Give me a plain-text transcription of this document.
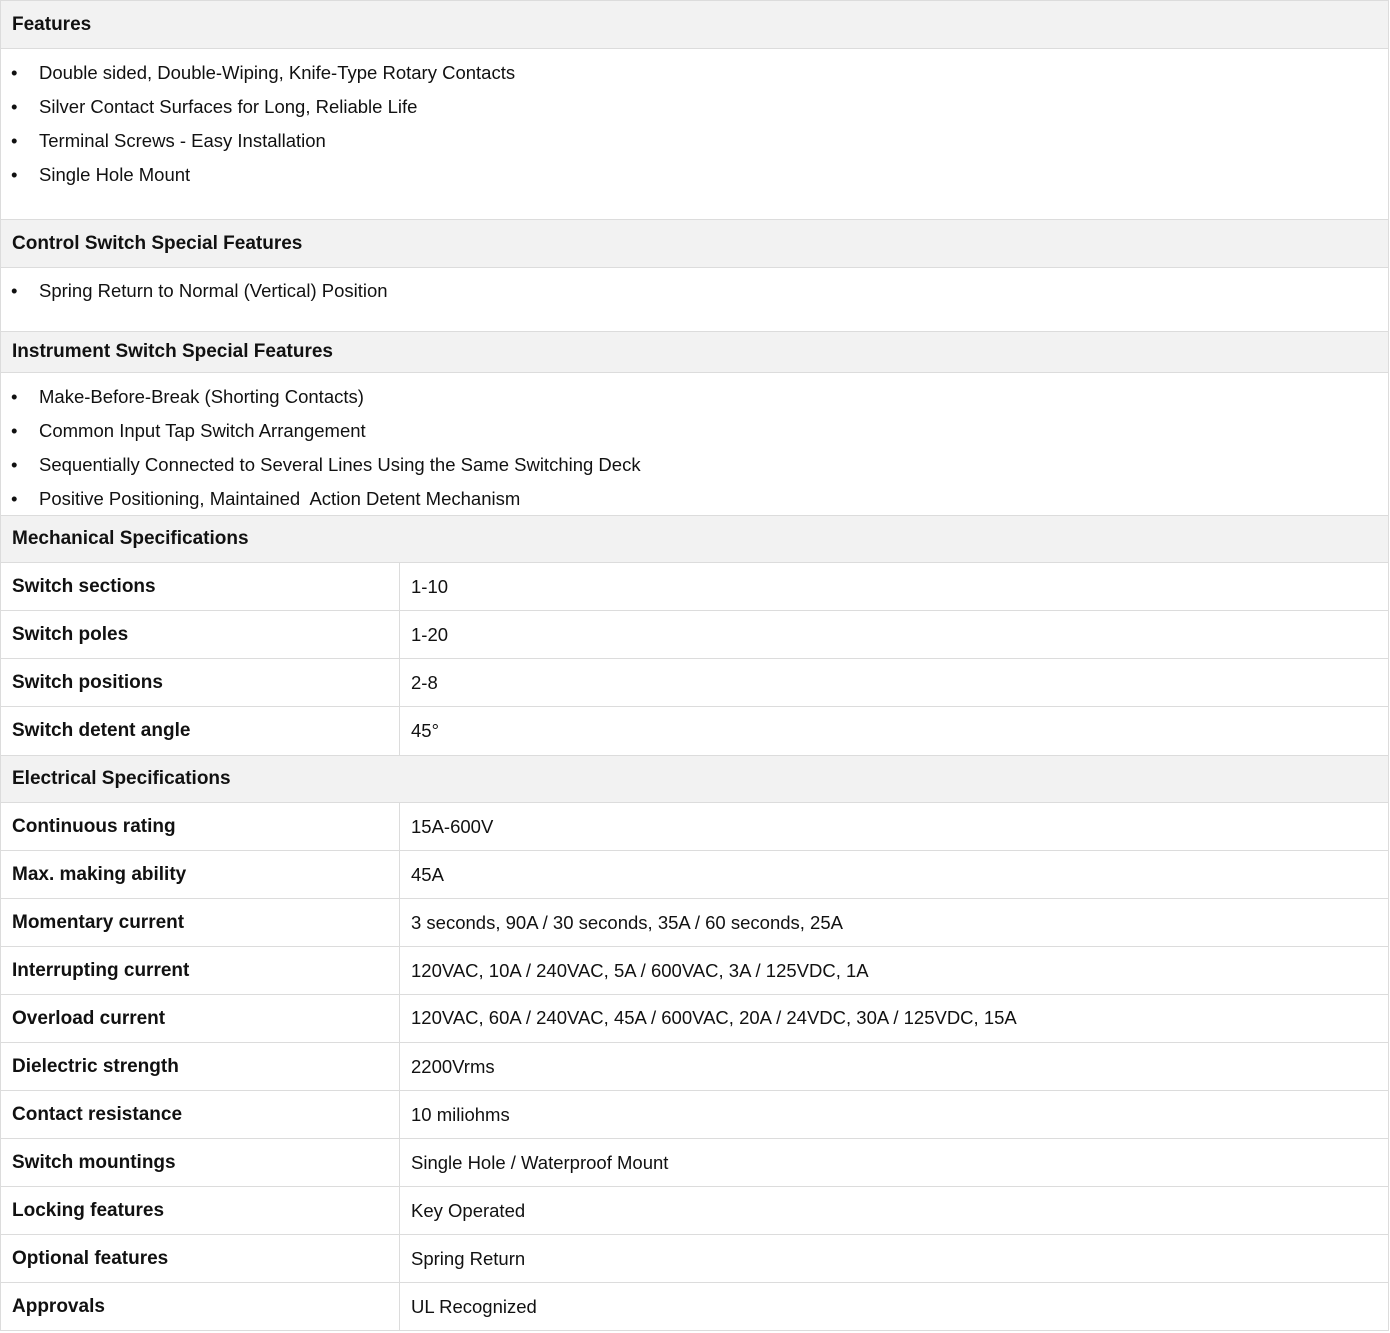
Features
•	Double sided, Double-Wiping, Knife-Type Rotary Contacts
•	Silver Contact Surfaces for Long, Reliable Life
•	Terminal Screws - Easy Installation
•	Single Hole Mount
Control Switch Special Features
•	Spring Return to Normal (Vertical) Position
Instrument Switch Special Features
•	Make-Before-Break (Shorting Contacts)
•	Common Input Tap Switch Arrangement
•	Sequentially Connected to Several Lines Using the Same Switching Deck
•	Positive Positioning, Maintained  Action Detent Mechanism
Mechanical Specifications
Switch sections	1-10
Switch poles	1-20
Switch positions	2-8
Switch detent angle	45°
Electrical Specifications
Continuous rating	15A-600V
Max. making ability	45A
Momentary current	3 seconds, 90A / 30 seconds, 35A / 60 seconds, 25A
Interrupting current	120VAC, 10A / 240VAC, 5A / 600VAC, 3A / 125VDC, 1A
Overload current	120VAC, 60A / 240VAC, 45A / 600VAC, 20A / 24VDC, 30A / 125VDC, 15A
Dielectric strength	2200Vrms
Contact resistance	10 miliohms
Switch mountings	Single Hole / Waterproof Mount
Locking features	Key Operated
Optional features	Spring Return
Approvals	UL Recognized
